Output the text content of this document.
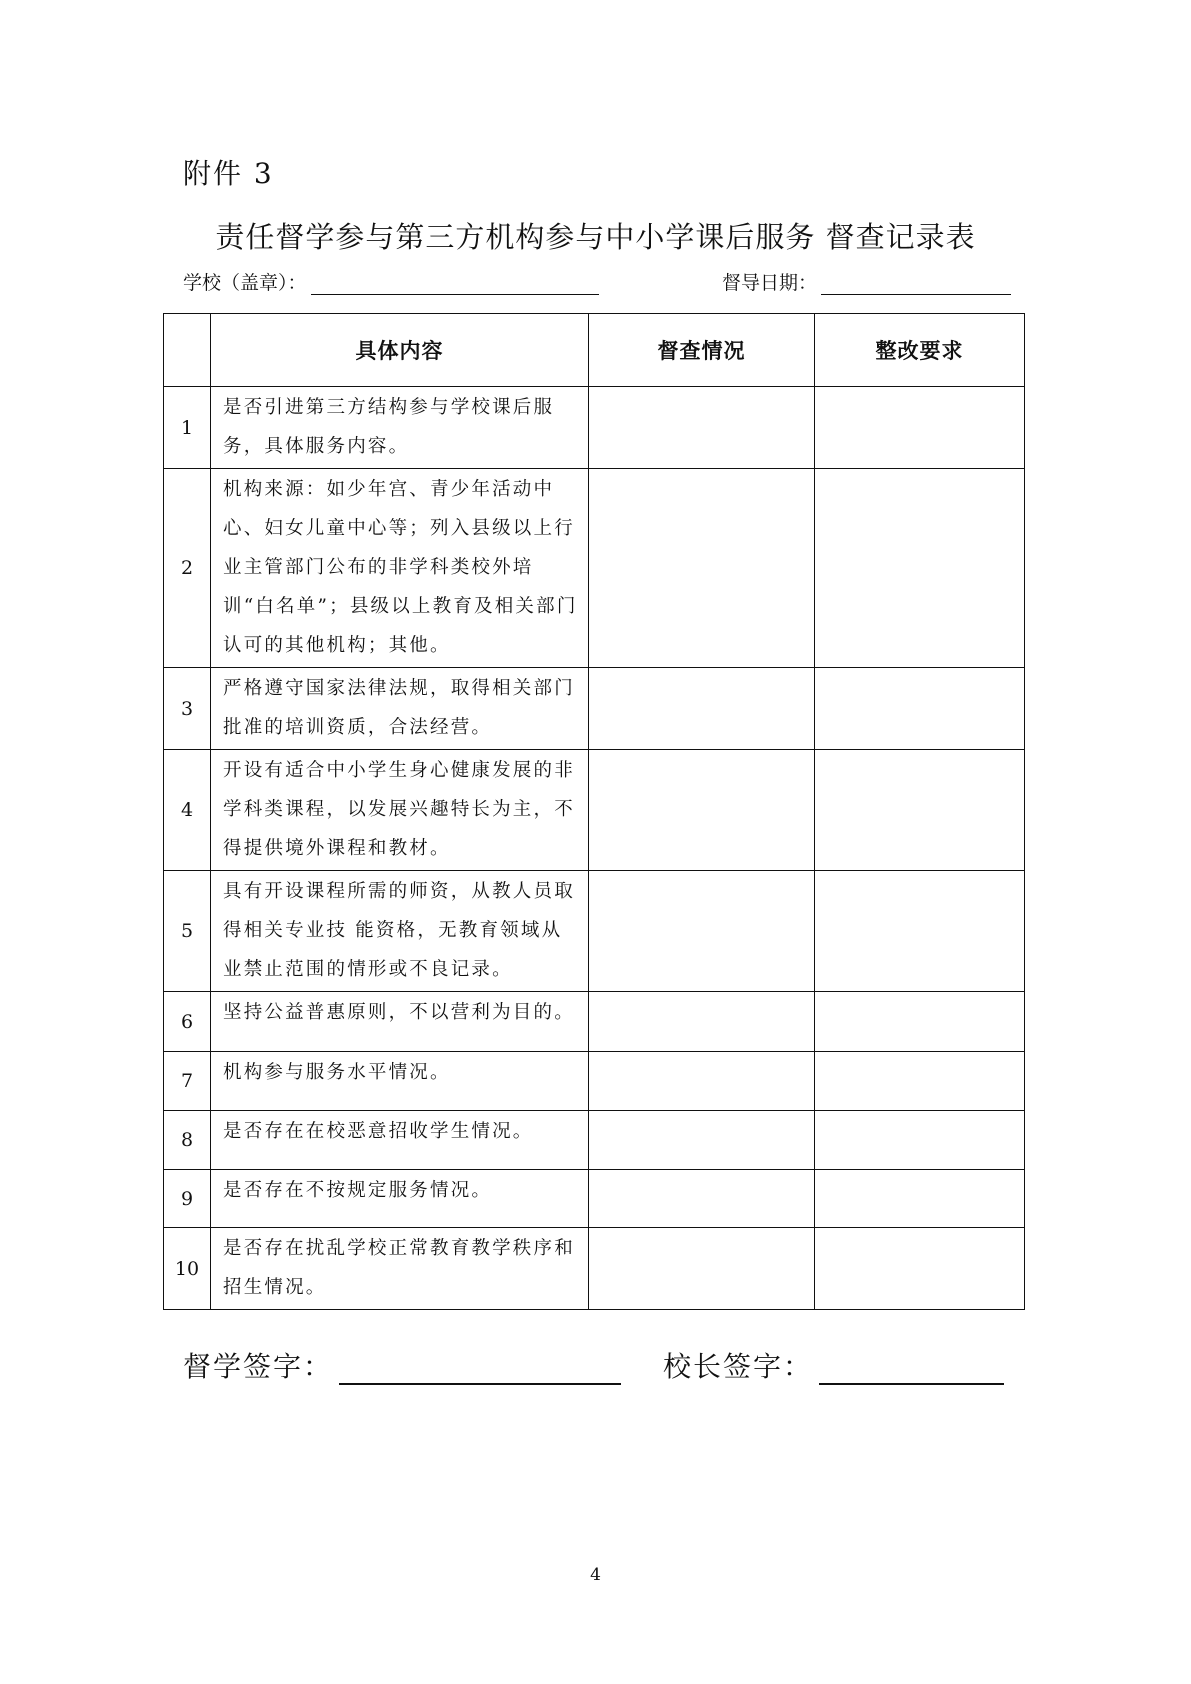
附件 3
责任督学参与第三方机构参与中小学课后服务 督查记录表
学校（盖章）：	督导日期：
	具体内容	督查情况	整改要求
1	是否引进第三方结构参与学校课后服务，具体服务内容。		
2	机构来源：如少年宫、青少年活动中心、妇女儿童中心等；列入县级以上行业主管部门公布的非学科类校外培训“白名单”；县级以上教育及相关部门认可的其他机构；其他。		
3	严格遵守国家法律法规，取得相关部门批准的培训资质，合法经营。		
4	开设有适合中小学生身心健康发展的非学科类课程，以发展兴趣特长为主，不得提供境外课程和教材。		
5	具有开设课程所需的师资，从教人员取得相关专业技 能资格，无教育领域从业禁止范围的情形或不良记录。		
6	坚持公益普惠原则，不以营利为目的。		
7	机构参与服务水平情况。		
8	是否存在在校恶意招收学生情况。		
9	是否存在不按规定服务情况。		
10	是否存在扰乱学校正常教育教学秩序和招生情况。		
督学签字：	校长签字：
4
